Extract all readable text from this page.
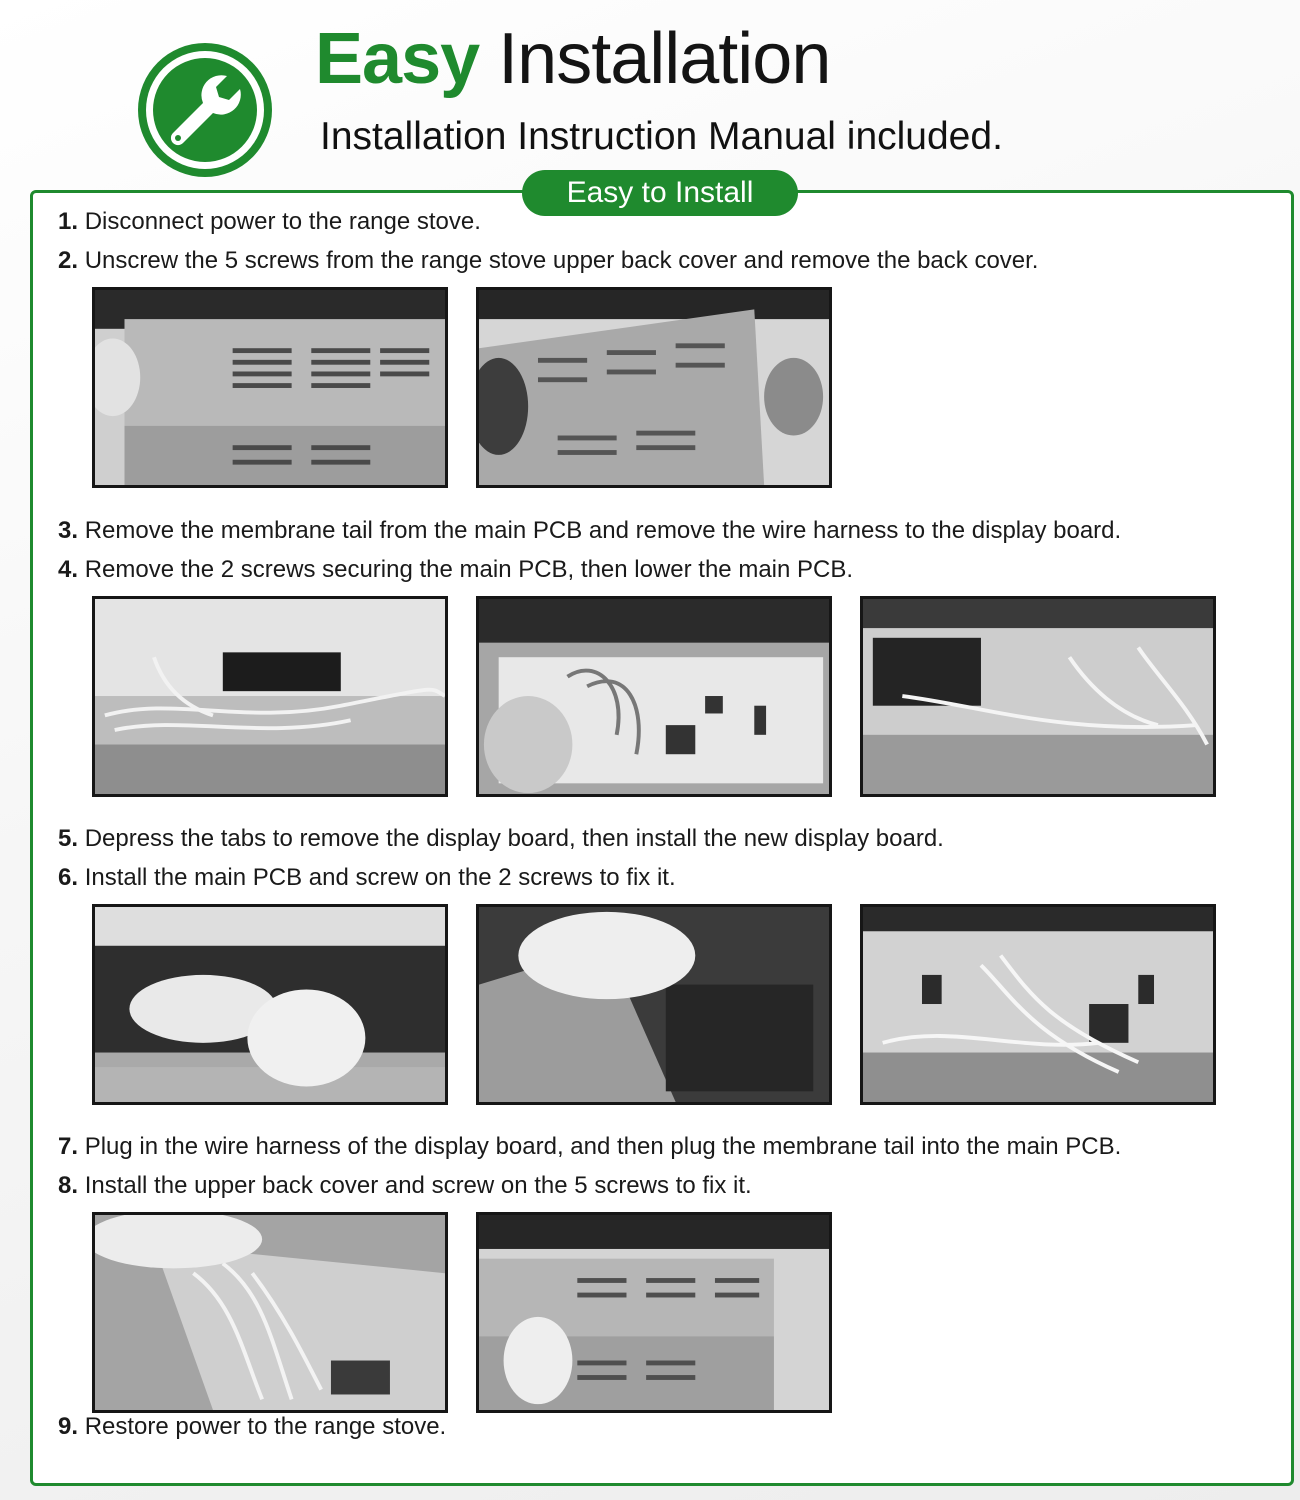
Easy Installation

Installation Instruction Manual included.

Easy to Install
1. Disconnect power to the range stove.
2. Unscrew the 5 screws from the range stove upper back cover and remove the back cover.
3. Remove the membrane tail from the main PCB and remove the wire harness to the display board.
4. Remove the 2 screws securing the main PCB, then lower the main PCB.
5. Depress the tabs to remove the display board, then install the new display board.
6. Install the main PCB and screw on the 2 screws to fix it.
7. Plug in the wire harness of the display board, and then plug the membrane tail into the main PCB.
8. Install the upper back cover and screw on the 5 screws to fix it.
9. Restore power to the range stove.
